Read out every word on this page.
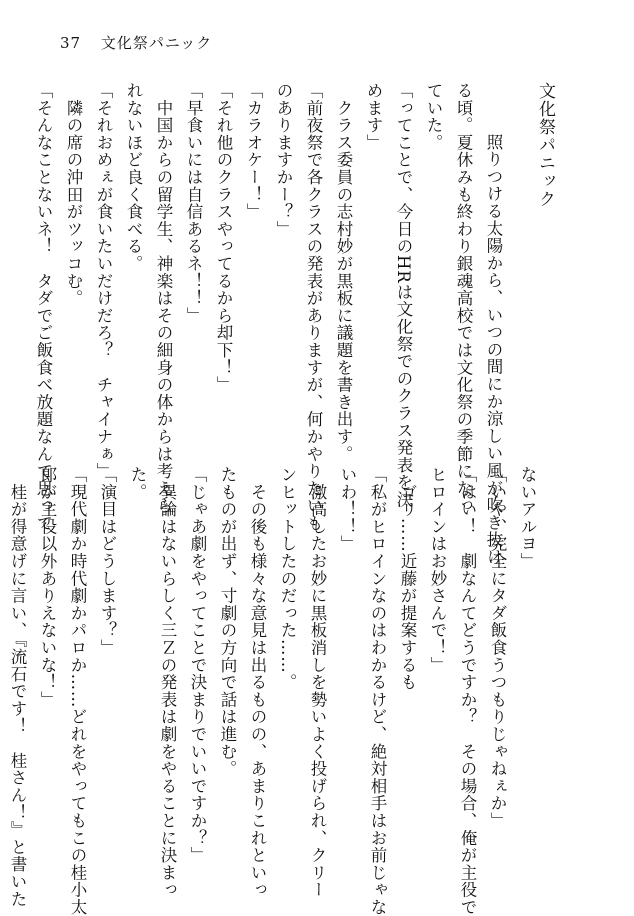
37 文化祭パニック
文化祭パニック
　照りつける太陽から、いつの間にか涼しい風が吹き抜け
る頃。夏休みも終わり銀魂高校では文化祭の季節になっ
ていた。
「ってことで、今日のHRは文化祭でのクラス発表を決
めます」
　クラス委員の志村妙が黒板に議題を書き出す。
「前夜祭で各クラスの発表がありますが、何かやりたいも
のありますかー？」
「カラオケー！」
「それ他のクラスやってるから却下！」
「早食いには自信あるネ！！」
　中国からの留学生、神楽はその細身の体からは考えら
れないほど良く食べる。
「それおめぇが食いたいだけだろ？　チャイナぁ」
　隣の席の沖田がツッコむ。
「そんなことないネ！　タダでご飯食べ放題なんて思って	ないアルヨ」
「いや、完全にタダ飯食うつもりじゃねぇか」
「はい！　劇なんてどうですか？　その場合、俺が主役で
ヒロインはお妙さんで！」
　ゴリ……近藤が提案するも
「私がヒロインなのはわかるけど、絶対相手はお前じゃな
いわ！！」
　激高したお妙に黒板消しを勢いよく投げられ、クリー
ンヒットしたのだった……。
　その後も様々な意見は出るものの、あまりこれといっ
たものが出ず、寸劇の方向で話は進む。
「じゃあ劇をやってことで決まりでいいですか？」
　異論はないらしく三Ｚの発表は劇をやることに決まっ
た。
「演目はどうします？」
「現代劇か時代劇かパロか……どれをやってもこの桂小太
郎が主役以外ありえないな！」
　桂が得意げに言い、『流石です！　桂さん！』と書いた
